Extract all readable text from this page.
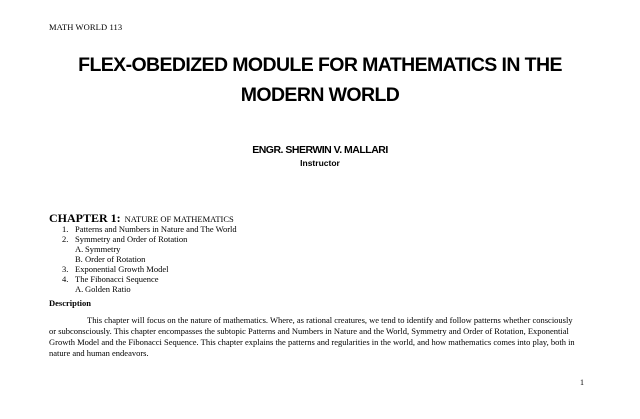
MATH WORLD 113
FLEX-OBEDIZED MODULE FOR MATHEMATICS IN THE
MODERN WORLD
ENGR. SHERWIN V. MALLARI
Instructor
CHAPTER 1: NATURE OF MATHEMATICS
1. Patterns and Numbers in Nature and The World
2. Symmetry and Order of Rotation
A. Symmetry
B. Order of Rotation
3. Exponential Growth Model
4. The Fibonacci Sequence
A. Golden Ratio
Description

This chapter will focus on the nature of mathematics. Where, as rational creatures, we tend to identify and follow patterns whether consciously or subconsciously. This chapter encompasses the subtopic Patterns and Numbers in Nature and the World, Symmetry and Order of Rotation, Exponential Growth Model and the Fibonacci Sequence. This chapter explains the patterns and regularities in the world, and how mathematics comes into play, both in nature and human endeavors.

1
